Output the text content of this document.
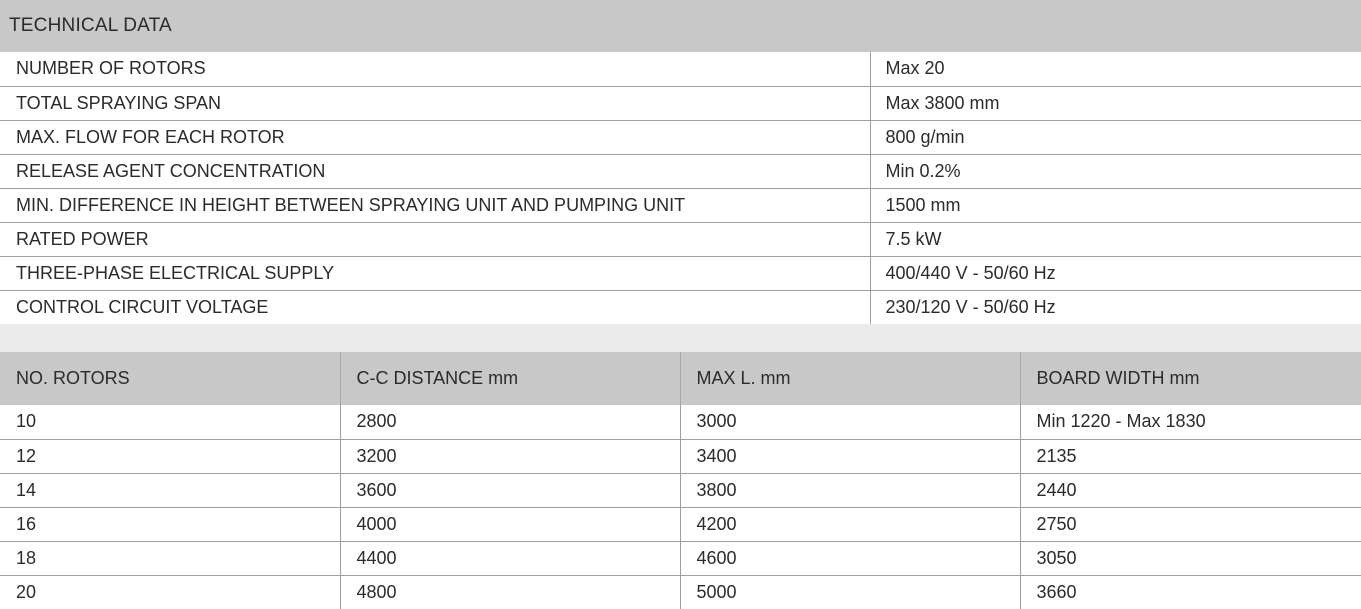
TECHNICAL DATA
NUMBER OF ROTORS	Max 20
TOTAL SPRAYING SPAN	Max 3800 mm
MAX. FLOW FOR EACH ROTOR	800 g/min
RELEASE AGENT CONCENTRATION	Min 0.2%
MIN. DIFFERENCE IN HEIGHT BETWEEN SPRAYING UNIT AND PUMPING UNIT	1500 mm
RATED POWER	7.5 kW
THREE-PHASE ELECTRICAL SUPPLY	400/440 V - 50/60 Hz
CONTROL CIRCUIT VOLTAGE	230/120 V - 50/60 Hz
NO. ROTORS	C-C DISTANCE mm	MAX L. mm	BOARD WIDTH mm
10	2800	3000	Min 1220 - Max 1830
12	3200	3400	2135
14	3600	3800	2440
16	4000	4200	2750
18	4400	4600	3050
20	4800	5000	3660
